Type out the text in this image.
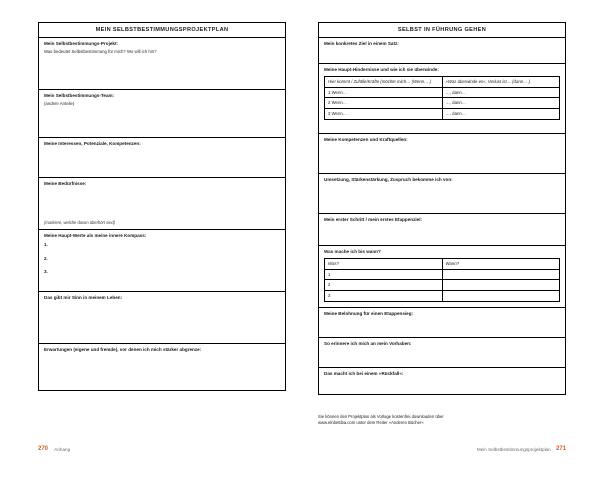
MEIN SELBSTBESTIMMUNGSPROJEKTPLAN

Mein Selbstbestimmungs-Projekt:

Was bedeutet Selbstbestimmung für mich? Wo will ich hin?

Mein Selbstbestimmungs-Team:

(andere Anteile)

Meine Interessen, Potenziale, Kompetenzen:

Meine Bedürfnisse:

(markiere, welche davon überhört sind)

Meine Haupt-Werte als meine innere Kompass:

1.
2.
3.

Das gibt mir Sinn in meinem Leben:

Erwartungen (eigene und fremde), vor denen ich mich stärker abgrenze:

SELBST IN FÜHRUNG GEHEN

Mein konkretes Ziel in einem Satz:

Meine Haupt-Hindernisse und wie ich sie überwinde:

Hier kommt / Zufälle/Kräfte (möchte mich… (Wenn… )	»Was überwinde es«, Verlust ist… (dann… )
1 Wenn…	…, dann…
2 Wenn…	…, dann…
3 Wenn…	…, dann…

Meine Kompetenzen und Kraftquellen:

Umsetzung, Stärkenstärkung, Zuspruch bekomme ich von:

Mein erster Schritt / mein erstes Etappenziel:

Was mache ich bis wann?

Was?	Wann?
1	
2	
3	

Meine Belohnung für einen Etappensieg:

So erinnere ich mich an mein Vorhaben:

Das macht ich bei einem »Rückfall«:

Sie können den Projektplan als Vorlage kostenfrei downloaden über
www.elnbettiba.com unter dem Reiter »Anderen Bücher«
270 Anhang	Mein Selbstbestimmungsprojektplan 271
